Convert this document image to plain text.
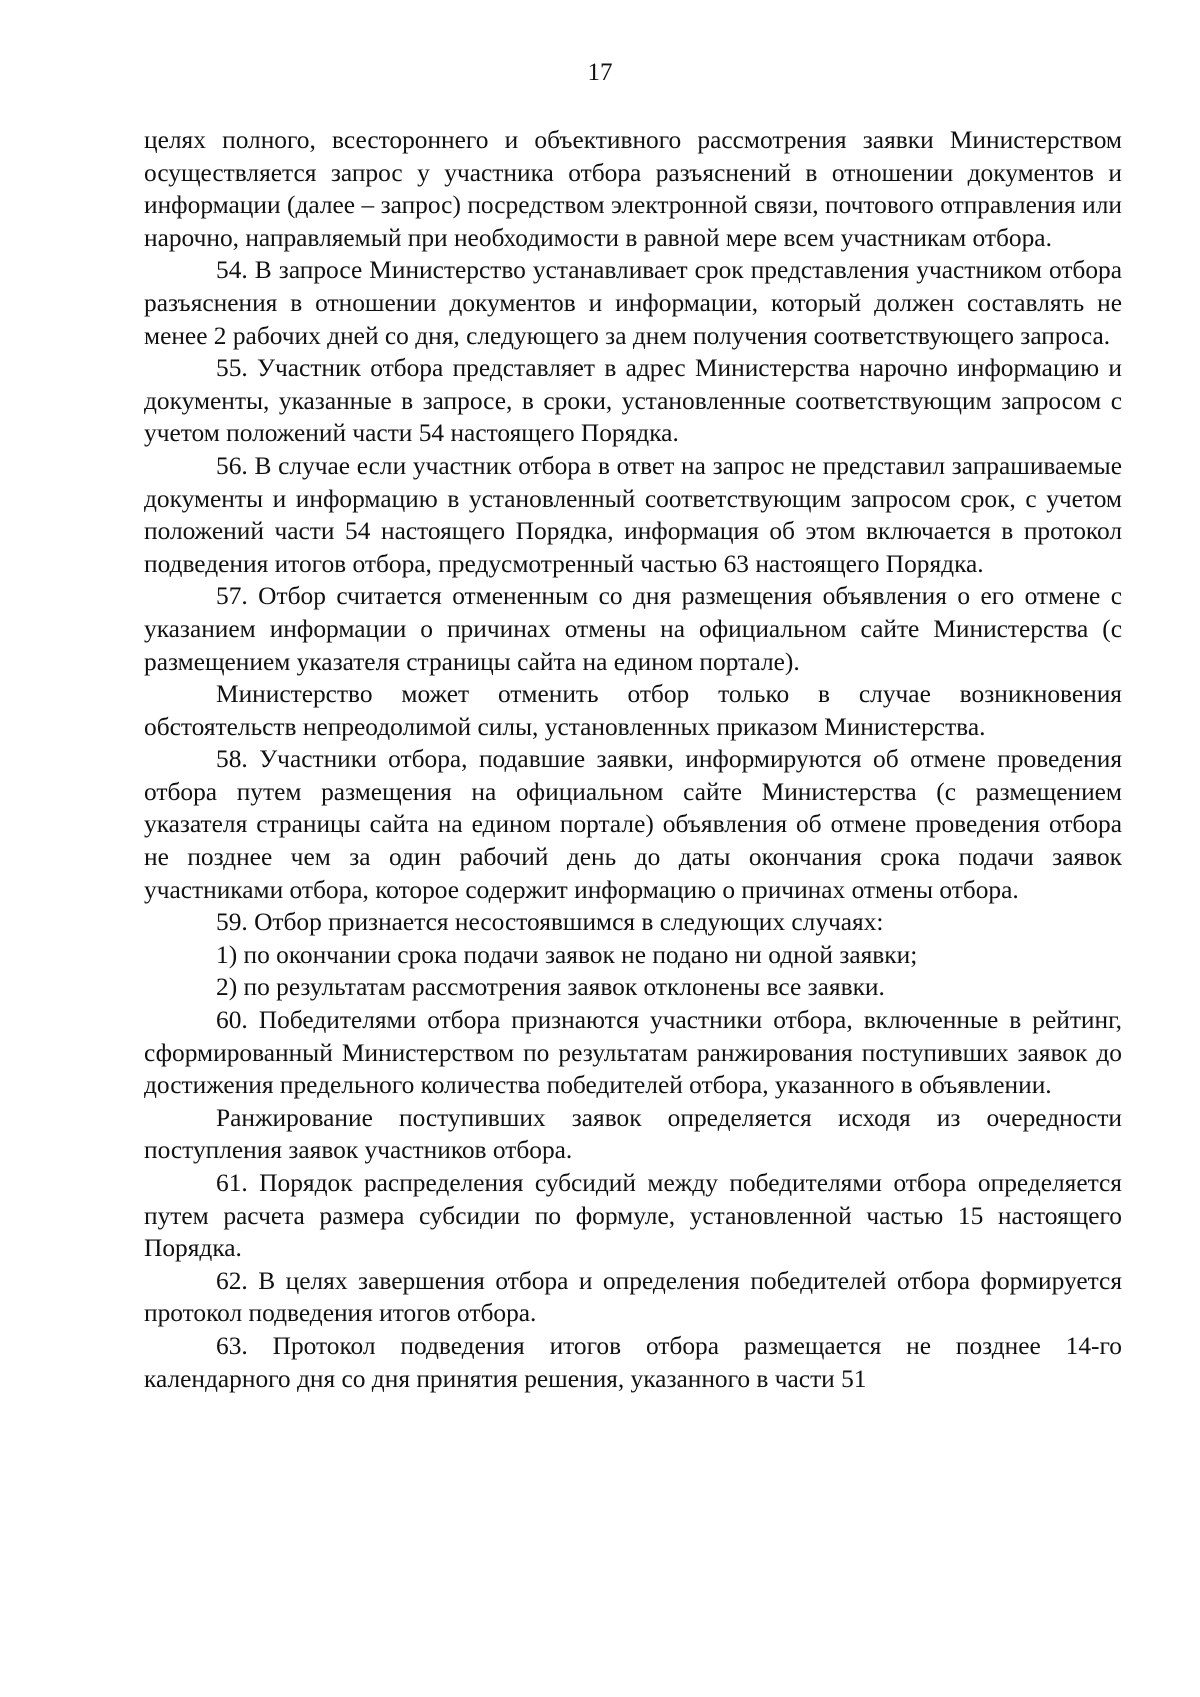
17

целях полного, всестороннего и объективного рассмотрения заявки Министерством осуществляется запрос у участника отбора разъяснений в отношении документов и информации (далее – запрос) посредством электронной связи, почтового отправления или нарочно, направляемый при необходимости в равной мере всем участникам отбора.

54. В запросе Министерство устанавливает срок представления участником отбора разъяснения в отношении документов и информации, который должен составлять не менее 2 рабочих дней со дня, следующего за днем получения соответствующего запроса.

55. Участник отбора представляет в адрес Министерства нарочно информацию и документы, указанные в запросе, в сроки, установленные соответствующим запросом с учетом положений части 54 настоящего Порядка.

56. В случае если участник отбора в ответ на запрос не представил запрашиваемые документы и информацию в установленный соответствующим запросом срок, с учетом положений части 54 настоящего Порядка, информация об этом включается в протокол подведения итогов отбора, предусмотренный частью 63 настоящего Порядка.

57. Отбор считается отмененным со дня размещения объявления о его отмене с указанием информации о причинах отмены на официальном сайте Министерства (с размещением указателя страницы сайта на едином портале).

Министерство может отменить отбор только в случае возникновения обстоятельств непреодолимой силы, установленных приказом Министерства.

58. Участники отбора, подавшие заявки, информируются об отмене проведения отбора путем размещения на официальном сайте Министерства (с размещением указателя страницы сайта на едином портале) объявления об отмене проведения отбора не позднее чем за один рабочий день до даты окончания срока подачи заявок участниками отбора, которое содержит информацию о причинах отмены отбора.

59. Отбор признается несостоявшимся в следующих случаях:

1) по окончании срока подачи заявок не подано ни одной заявки;

2) по результатам рассмотрения заявок отклонены все заявки.

60. Победителями отбора признаются участники отбора, включенные в рейтинг, сформированный Министерством по результатам ранжирования поступивших заявок до достижения предельного количества победителей отбора, указанного в объявлении.

Ранжирование поступивших заявок определяется исходя из очередности поступления заявок участников отбора.

61. Порядок распределения субсидий между победителями отбора определяется путем расчета размера субсидии по формуле, установленной частью 15 настоящего Порядка.

62. В целях завершения отбора и определения победителей отбора формируется протокол подведения итогов отбора.

63. Протокол подведения итогов отбора размещается не позднее 14-го календарного дня со дня принятия решения, указанного в части 51
